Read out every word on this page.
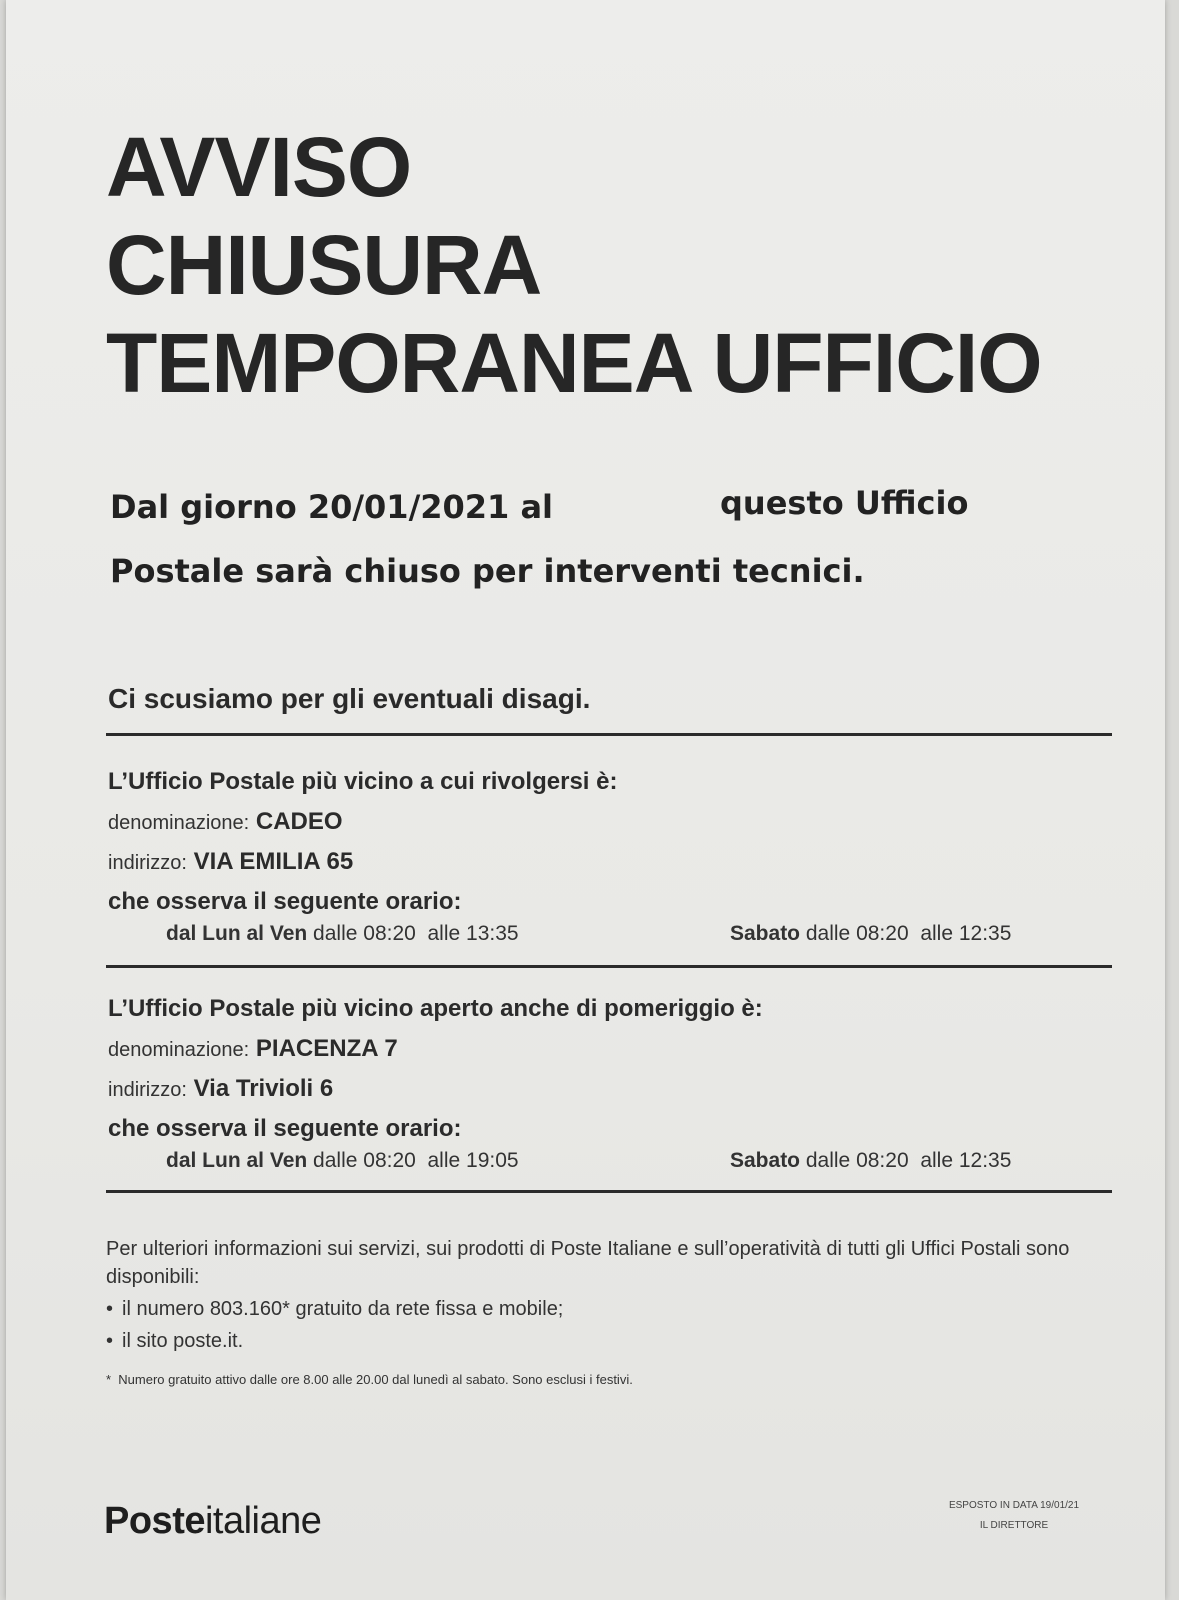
AVVISO
CHIUSURA
TEMPORANEA UFFICIO
Dal giorno 20/01/2021 al	questo Ufficio
Postale sarà chiuso per interventi tecnici.
Ci scusiamo per gli eventuali disagi.
L’Ufficio Postale più vicino a cui rivolgersi è:
denominazione: CADEO
indirizzo: VIA EMILIA 65
che osserva il seguente orario:
dal Lun al Ven dalle 08:20 alle 13:35	Sabato dalle 08:20 alle 12:35
L’Ufficio Postale più vicino aperto anche di pomeriggio è:
denominazione: PIACENZA 7
indirizzo: Via Trivioli 6
che osserva il seguente orario:
dal Lun al Ven dalle 08:20 alle 19:05	Sabato dalle 08:20 alle 12:35
Per ulteriori informazioni sui servizi, sui prodotti di Poste Italiane e sull’operatività di tutti gli Uffici Postali sono disponibili:
• il numero 803.160* gratuito da rete fissa e mobile;
• il sito poste.it.
*  Numero gratuito attivo dalle ore 8.00 alle 20.00 dal lunedì al sabato. Sono esclusi i festivi.
Posteitaliane	ESPOSTO IN DATA 19/01/21
IL DIRETTORE
